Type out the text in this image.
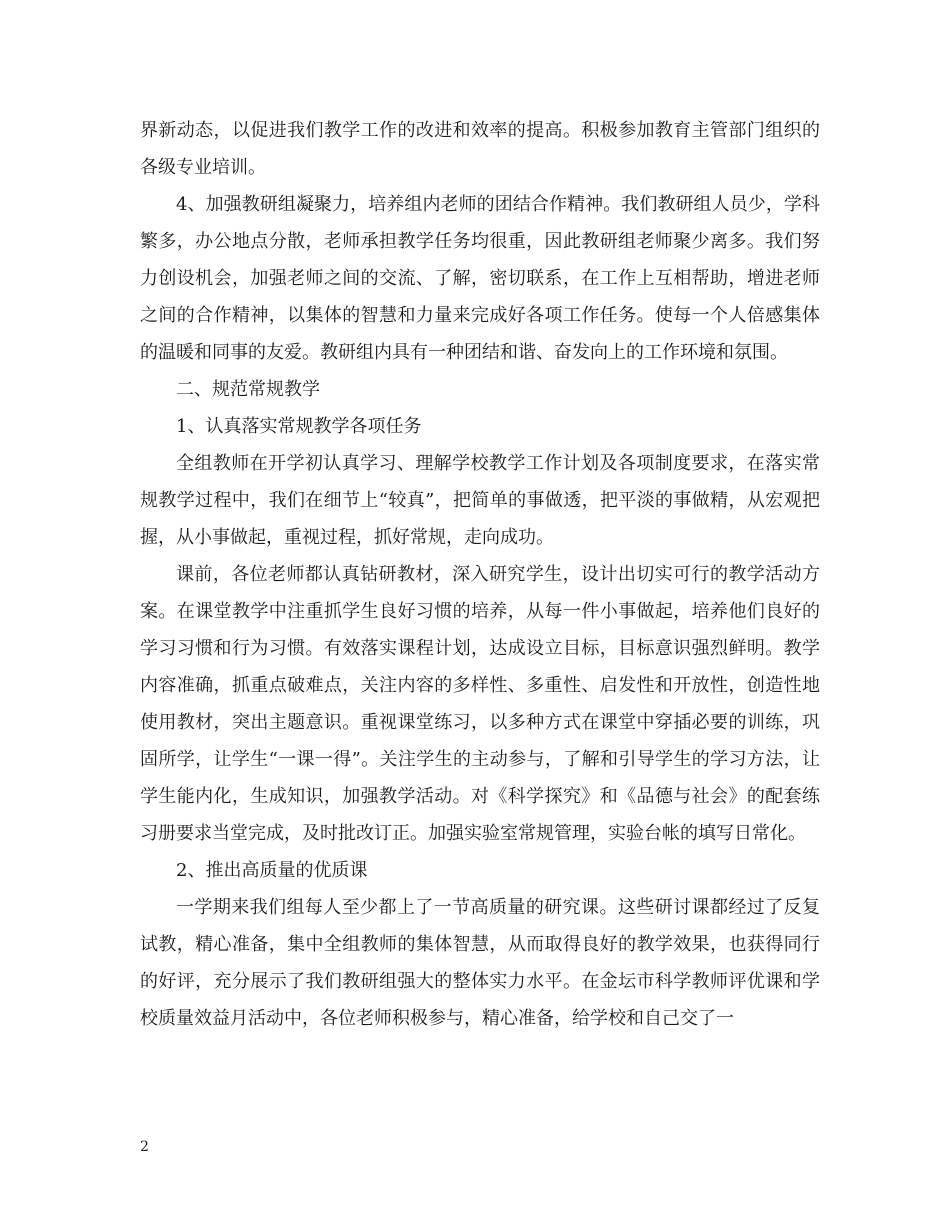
界新动态，以促进我们教学工作的改进和效率的提高。积极参加教育主管部门组织的各级专业培训。

4、加强教研组凝聚力，培养组内老师的团结合作精神。我们教研组人员少，学科繁多，办公地点分散，老师承担教学任务均很重，因此教研组老师聚少离多。我们努力创设机会，加强老师之间的交流、了解，密切联系，在工作上互相帮助，增进老师之间的合作精神，以集体的智慧和力量来完成好各项工作任务。使每一个人倍感集体的温暖和同事的友爱。教研组内具有一种团结和谐、奋发向上的工作环境和氛围。

二、规范常规教学

1、认真落实常规教学各项任务

全组教师在开学初认真学习、理解学校教学工作计划及各项制度要求，在落实常规教学过程中，我们在细节上“较真”，把简单的事做透，把平淡的事做精，从宏观把握，从小事做起，重视过程，抓好常规，走向成功。

课前，各位老师都认真钻研教材，深入研究学生，设计出切实可行的教学活动方案。在课堂教学中注重抓学生良好习惯的培养，从每一件小事做起，培养他们良好的学习习惯和行为习惯。有效落实课程计划，达成设立目标，目标意识强烈鲜明。教学内容准确，抓重点破难点，关注内容的多样性、多重性、启发性和开放性，创造性地使用教材，突出主题意识。重视课堂练习，以多种方式在课堂中穿插必要的训练，巩固所学，让学生“一课一得”。关注学生的主动参与，了解和引导学生的学习方法，让学生能内化，生成知识，加强教学活动。对《科学探究》和《品德与社会》的配套练习册要求当堂完成，及时批改订正。加强实验室常规管理，实验台帐的填写日常化。

2、推出高质量的优质课

一学期来我们组每人至少都上了一节高质量的研究课。这些研讨课都经过了反复试教，精心准备，集中全组教师的集体智慧，从而取得良好的教学效果，也获得同行的好评，充分展示了我们教研组强大的整体实力水平。在金坛市科学教师评优课和学校质量效益月活动中，各位老师积极参与，精心准备，给学校和自己交了一

2
